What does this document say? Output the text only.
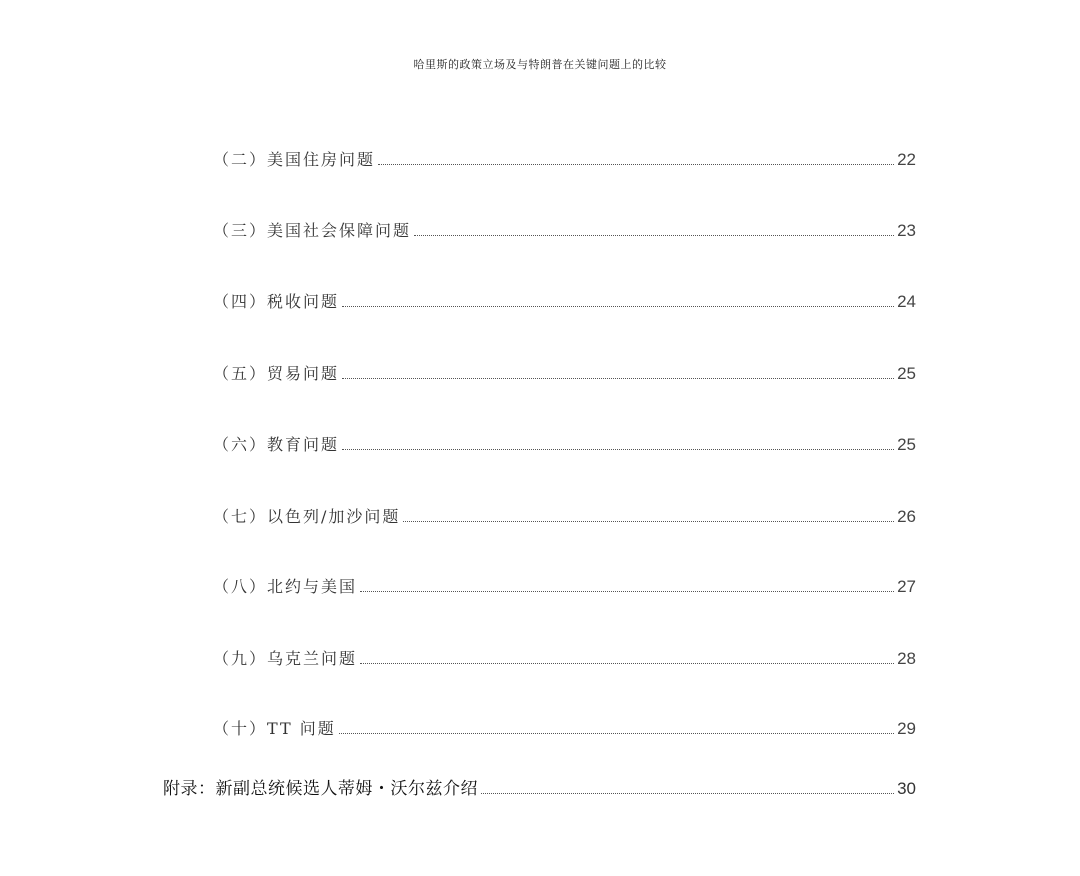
哈里斯的政策立场及与特朗普在关键问题上的比较
（二）美国住房问题	22
（三）美国社会保障问题	23
（四）税收问题	24
（五）贸易问题	25
（六）教育问题	25
（七）以色列/加沙问题	26
（八）北约与美国	27
（九）乌克兰问题	28
（十）TT 问题	29
附录：新副总统候选人蒂姆・沃尔兹介绍	30
